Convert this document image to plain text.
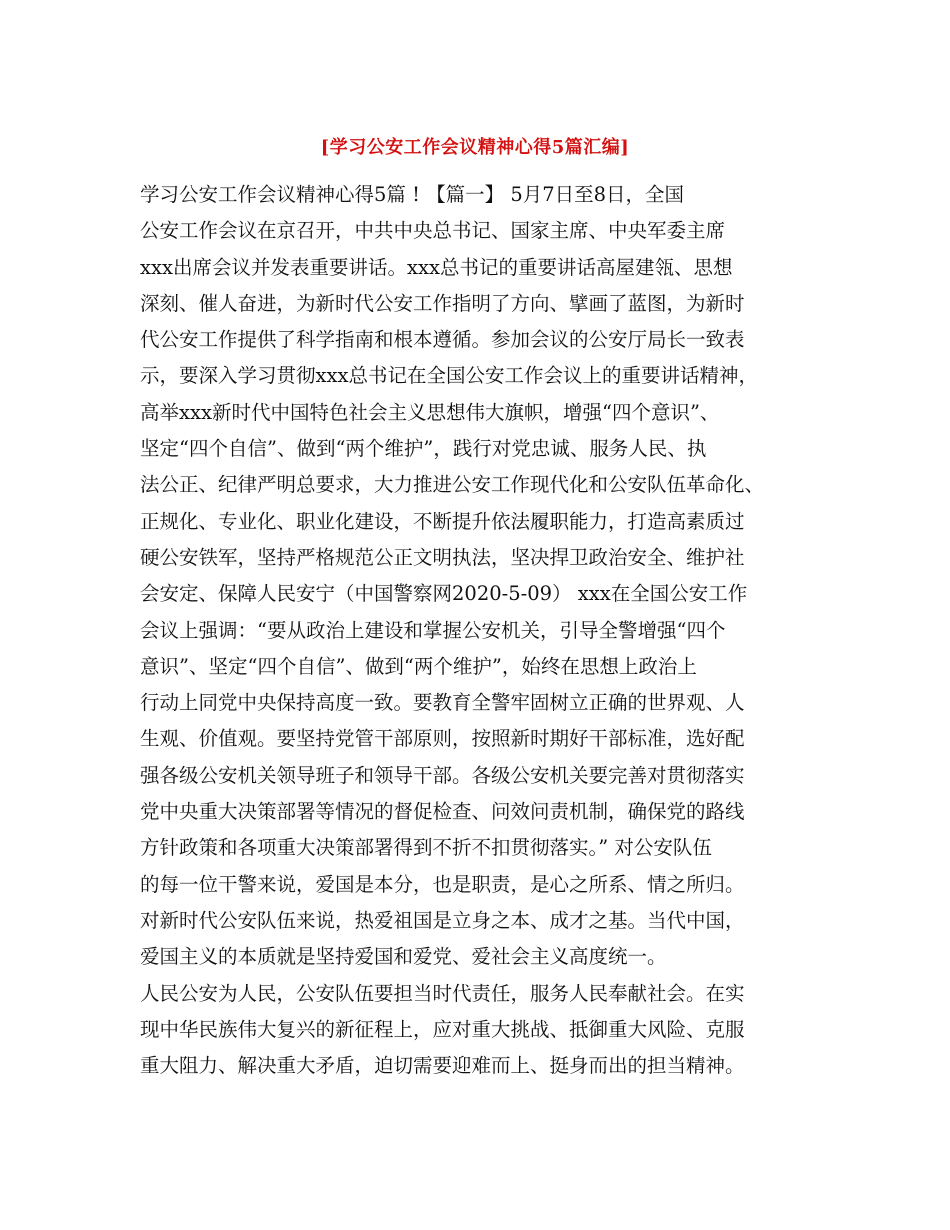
[学习公安工作会议精神心得5篇汇编]
学习公安工作会议精神心得5篇 ! 【篇一】 5月7日至8日，全国
公安工作会议在京召开，中共中央总书记、国家主席、中央军委主席
xxx出席会议并发表重要讲话。xxx总书记的重要讲话高屋建瓴、思想
深刻、催人奋进，为新时代公安工作指明了方向、擘画了蓝图，为新时
代公安工作提供了科学指南和根本遵循。参加会议的公安厅局长一致表
示，要深入学习贯彻xxx总书记在全国公安工作会议上的重要讲话精神，
高举xxx新时代中国特色社会主义思想伟大旗帜，增强“四个意识”、
坚定“四个自信”、做到“两个维护”，践行对党忠诚、服务人民、执
法公正、纪律严明总要求，大力推进公安工作现代化和公安队伍革命化、
正规化、专业化、职业化建设，不断提升依法履职能力，打造高素质过
硬公安铁军，坚持严格规范公正文明执法，坚决捍卫政治安全、维护社
会安定、保障人民安宁（中国警察网2020-5-09） xxx在全国公安工作
会议上强调：“要从政治上建设和掌握公安机关，引导全警增强“四个
意识”、坚定“四个自信”、做到“两个维护”，始终在思想上政治上
行动上同党中央保持高度一致。要教育全警牢固树立正确的世界观、人
生观、价值观。要坚持党管干部原则，按照新时期好干部标准，选好配
强各级公安机关领导班子和领导干部。各级公安机关要完善对贯彻落实
党中央重大决策部署等情况的督促检查、问效问责机制，确保党的路线
方针政策和各项重大决策部署得到不折不扣贯彻落实。” 对公安队伍
的每一位干警来说，爱国是本分，也是职责，是心之所系、情之所归。
对新时代公安队伍来说，热爱祖国是立身之本、成才之基。当代中国，
爱国主义的本质就是坚持爱国和爱党、爱社会主义高度统一。
人民公安为人民，公安队伍要担当时代责任，服务人民奉献社会。在实
现中华民族伟大复兴的新征程上，应对重大挑战、抵御重大风险、克服
重大阻力、解决重大矛盾，迫切需要迎难而上、挺身而出的担当精神。
